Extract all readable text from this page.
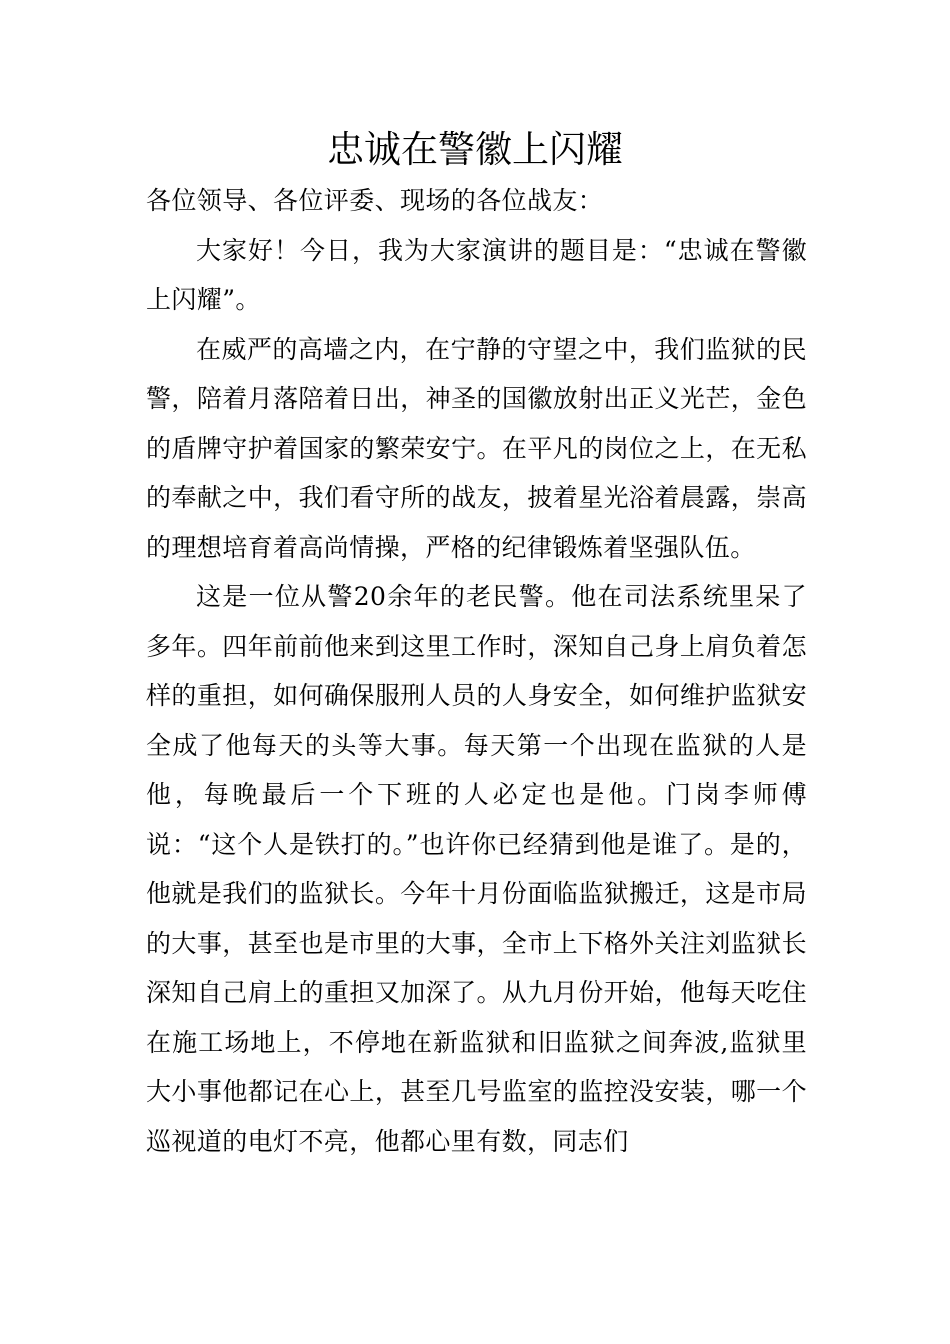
忠诚在警徽上闪耀

各位领导、各位评委、现场的各位战友：

大家好！今日，我为大家演讲的题目是：“忠诚在警徽上闪耀”。

在威严的高墙之内，在宁静的守望之中，我们监狱的民警，陪着月落陪着日出，神圣的国徽放射出正义光芒，金色的盾牌守护着国家的繁荣安宁。在平凡的岗位之上，在无私的奉献之中，我们看守所的战友，披着星光浴着晨露，崇高的理想培育着高尚情操，严格的纪律锻炼着坚强队伍。

这是一位从警20余年的老民警。他在司法系统里呆了多年。四年前前他来到这里工作时，深知自己身上肩负着怎样的重担，如何确保服刑人员的人身安全，如何维护监狱安全成了他每天的头等大事。每天第一个出现在监狱的人是他，每晚最后一个下班的人必定也是他。门岗李师傅说：“这个人是铁打的。”也许你已经猜到他是谁了。是的，他就是我们的监狱长。今年十月份面临监狱搬迁，这是市局的大事，甚至也是市里的大事，全市上下格外关注刘监狱长深知自己肩上的重担又加深了。从九月份开始，他每天吃住在施工场地上，不停地在新监狱和旧监狱之间奔波,监狱里大小事他都记在心上，甚至几号监室的监控没安装，哪一个巡视道的电灯不亮，他都心里有数，同志们
